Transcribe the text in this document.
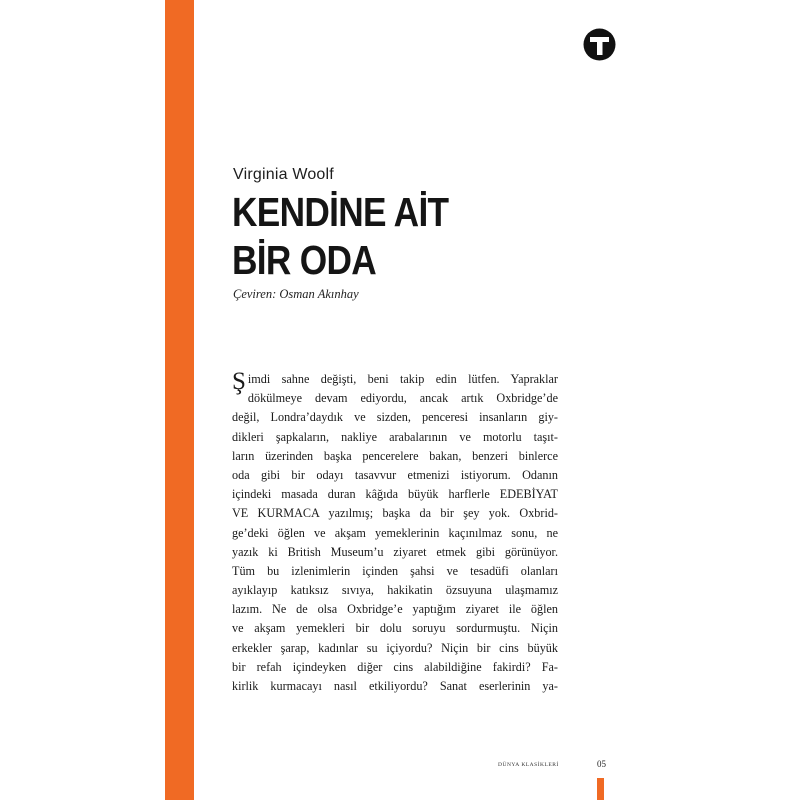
Virginia Woolf
KENDİNE AİT
BİR ODA
Çeviren: Osman Akınhay
Şimdi sahne değişti, beni takip edin lütfen. Yapraklar
dökülmeye devam ediyordu, ancak artık Oxbridge’de
değil, Londra’daydık ve sizden, penceresi insanların giy-
dikleri şapkaların, nakliye arabalarının ve motorlu taşıt-
ların üzerinden başka pencerelere bakan, benzeri binlerce
oda gibi bir odayı tasavvur etmenizi istiyorum. Odanın
içindeki masada duran kâğıda büyük harflerle EDEBİYAT
VE KURMACA yazılmış; başka da bir şey yok. Oxbrid-
ge’deki öğlen ve akşam yemeklerinin kaçınılmaz sonu, ne
yazık ki British Museum’u ziyaret etmek gibi görünüyor.
Tüm bu izlenimlerin içinden şahsi ve tesadüfi olanları
ayıklayıp katıksız sıvıya, hakikatin özsuyuna ulaşmamız
lazım. Ne de olsa Oxbridge’e yaptığım ziyaret ile öğlen
ve akşam yemekleri bir dolu soruyu sordurmuştu. Niçin
erkekler şarap, kadınlar su içiyordu? Niçin bir cins büyük
bir refah içindeyken diğer cins alabildiğine fakirdi? Fa-
kirlik kurmacayı nasıl etkiliyordu? Sanat eserlerinin ya-
DÜNYA KLASİKLERİ	05
